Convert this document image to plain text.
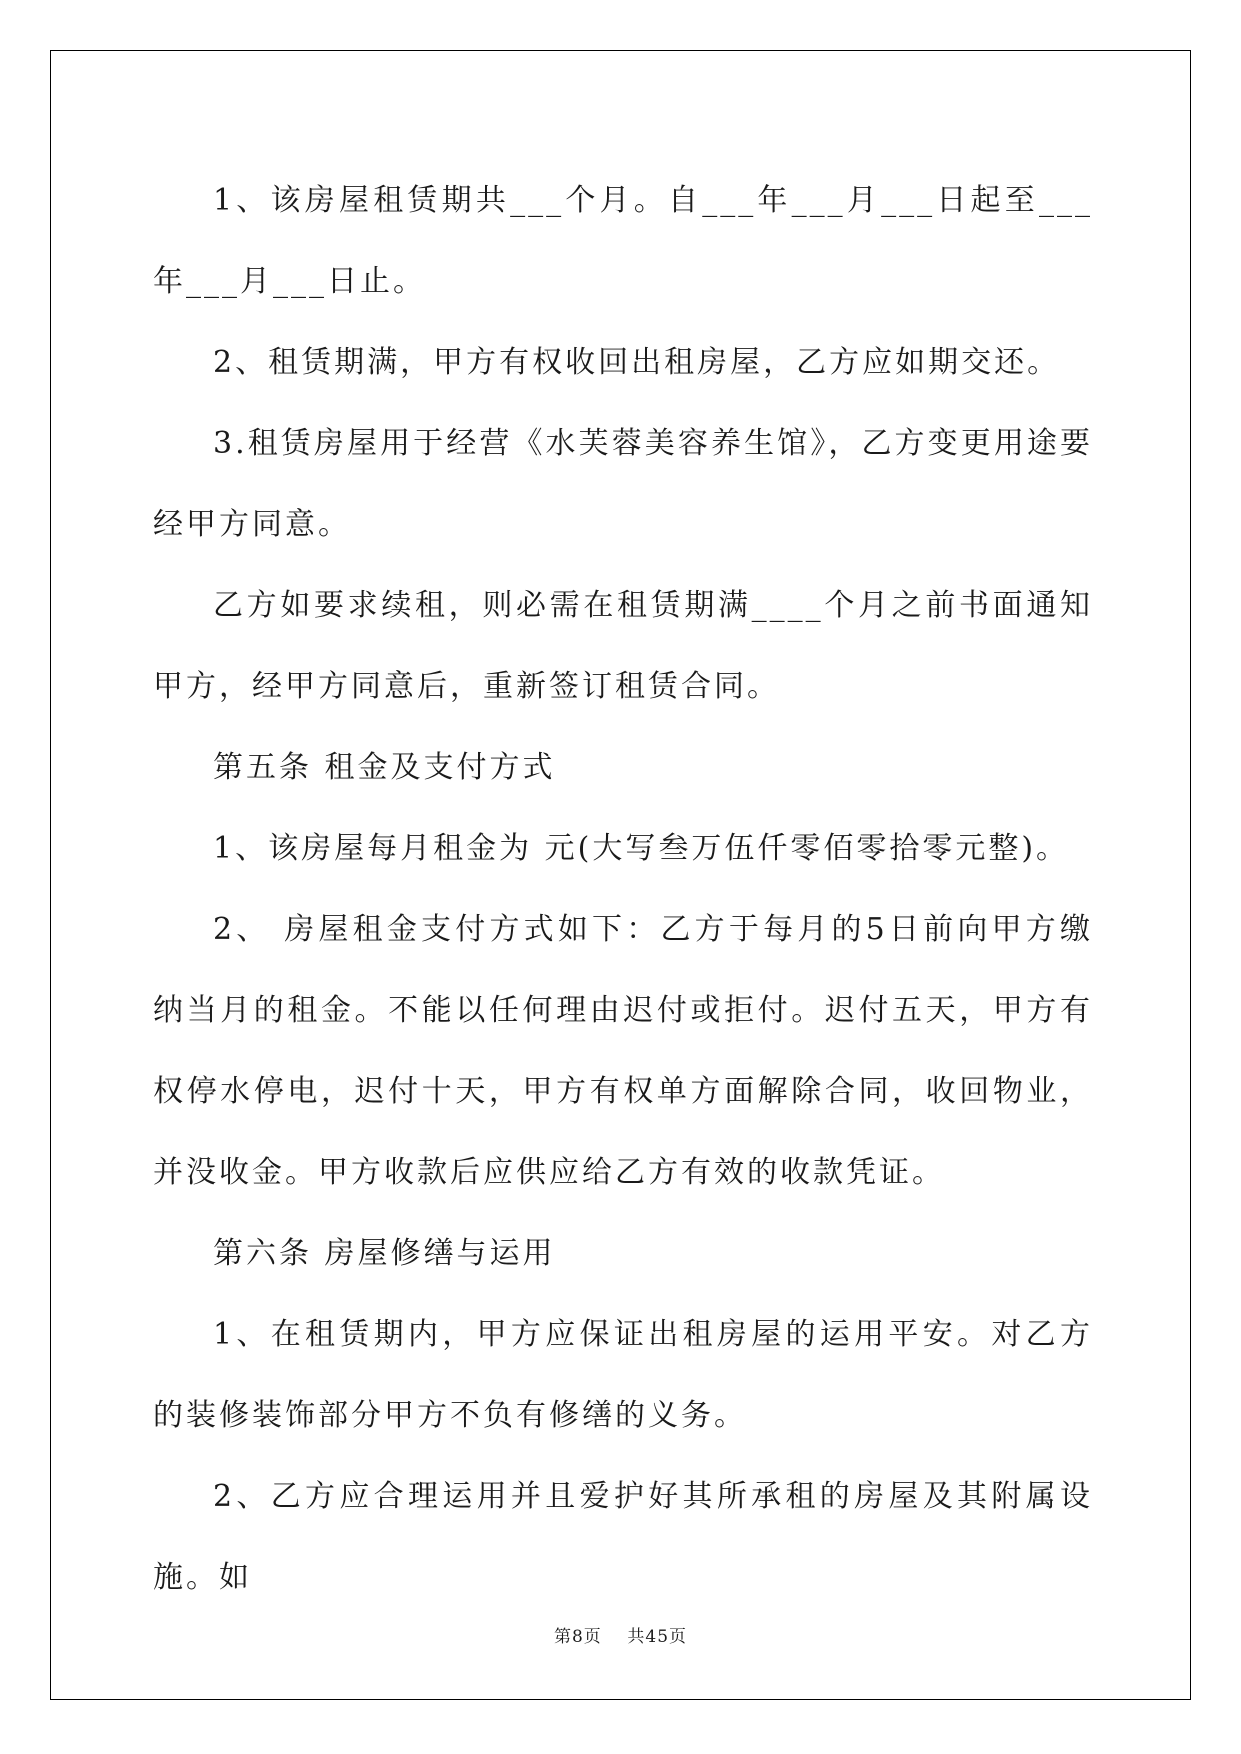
1、该房屋租赁期共___个月。自___年___月___日起至___年___月___日止。

2、租赁期满，甲方有权收回出租房屋，乙方应如期交还。

3.租赁房屋用于经营《水芙蓉美容养生馆》，乙方变更用途要经甲方同意。

乙方如要求续租，则必需在租赁期满____个月之前书面通知甲方，经甲方同意后，重新签订租赁合同。

第五条 租金及支付方式

1、该房屋每月租金为 元(大写叁万伍仟零佰零拾零元整)。

2、 房屋租金支付方式如下：乙方于每月的5日前向甲方缴纳当月的租金。不能以任何理由迟付或拒付。迟付五天，甲方有权停水停电，迟付十天，甲方有权单方面解除合同，收回物业，并没收金。甲方收款后应供应给乙方有效的收款凭证。

第六条 房屋修缮与运用

1、在租赁期内，甲方应保证出租房屋的运用平安。对乙方的装修装饰部分甲方不负有修缮的义务。

2、乙方应合理运用并且爱护好其所承租的房屋及其附属设施。如

第8页 共45页
